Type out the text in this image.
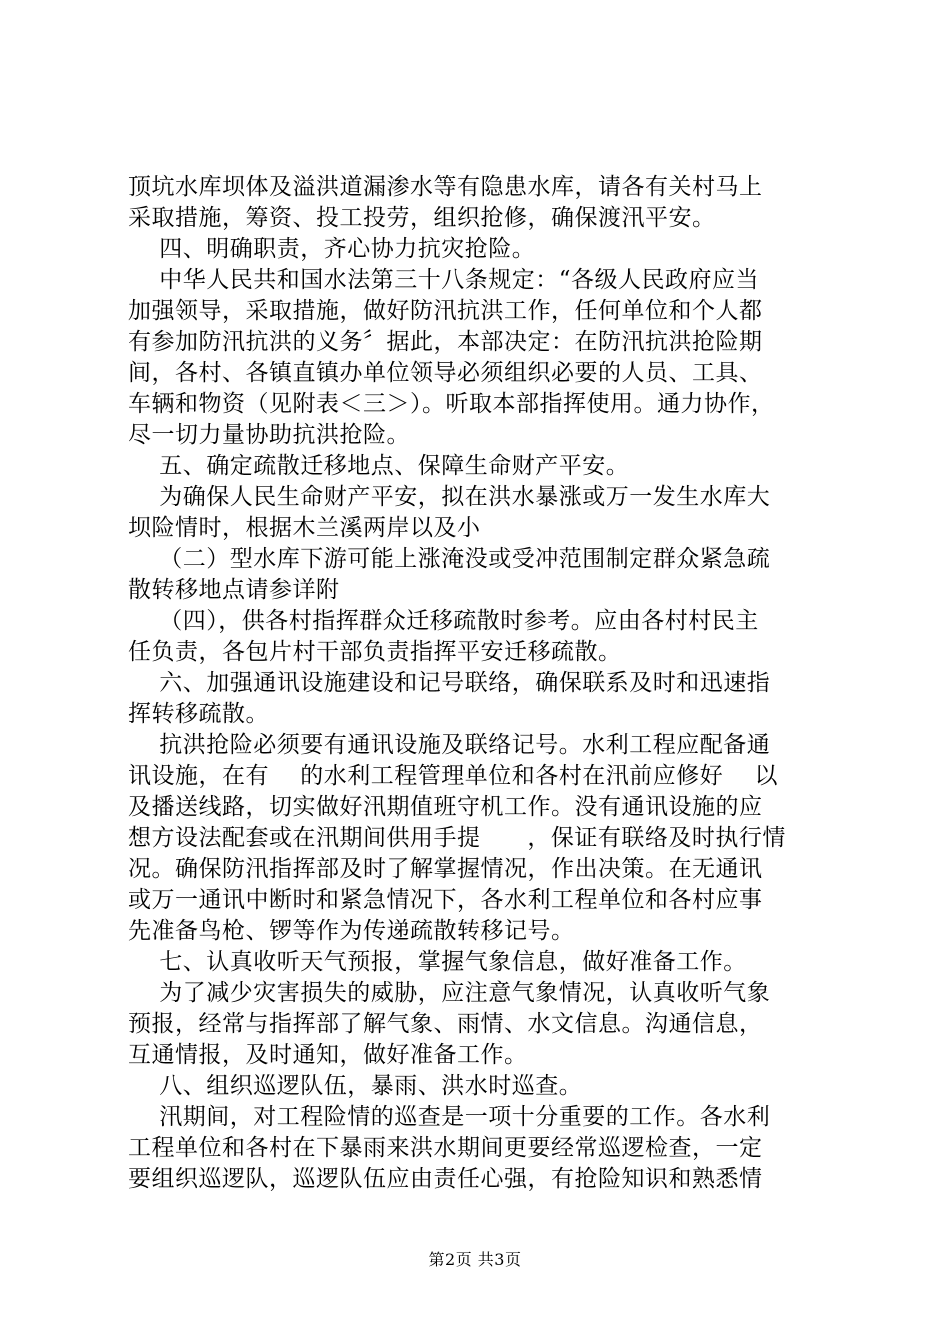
顶坑水库坝体及溢洪道漏渗水等有隐患水库，请各有关村马上
采取措施，筹资、投工投劳，组织抢修，确保渡汛平安。
四、明确职责，齐心协力抗灾抢险。
中华人民共和国水法第三十八条规定：“各级人民政府应当
加强领导，采取措施，做好防汛抗洪工作，任何单位和个人都
有参加防汛抗洪的义务〞据此，本部决定：在防汛抗洪抢险期
间，各村、各镇直镇办单位领导必须组织必要的人员、工具、
车辆和物资（见附表＜三＞）。听取本部指挥使用。通力协作，
尽一切力量协助抗洪抢险。
五、确定疏散迁移地点、保障生命财产平安。
为确保人民生命财产平安，拟在洪水暴涨或万一发生水库大
坝险情时，根据木兰溪两岸以及小
（二）型水库下游可能上涨淹没或受冲范围制定群众紧急疏
散转移地点请参详附
（四），供各村指挥群众迁移疏散时参考。应由各村村民主
任负责，各包片村干部负责指挥平安迁移疏散。
六、加强通讯设施建设和记号联络，确保联系及时和迅速指
挥转移疏散。
抗洪抢险必须要有通讯设施及联络记号。水利工程应配备通
讯设施，在有    的水利工程管理单位和各村在汛前应修好    以
及播送线路，切实做好汛期值班守机工作。没有通讯设施的应
想方设法配套或在汛期间供用手提      ，保证有联络及时执行情
况。确保防汛指挥部及时了解掌握情况，作出决策。在无通讯
或万一通讯中断时和紧急情况下，各水利工程单位和各村应事
先准备鸟枪、锣等作为传递疏散转移记号。
七、认真收听天气预报，掌握气象信息，做好准备工作。
为了减少灾害损失的威胁，应注意气象情况，认真收听气象
预报，经常与指挥部了解气象、雨情、水文信息。沟通信息，
互通情报，及时通知，做好准备工作。
八、组织巡逻队伍，暴雨、洪水时巡查。
汛期间，对工程险情的巡查是一项十分重要的工作。各水利
工程单位和各村在下暴雨来洪水期间更要经常巡逻检查，一定
要组织巡逻队，巡逻队伍应由责任心强，有抢险知识和熟悉情
第2页 共3页
